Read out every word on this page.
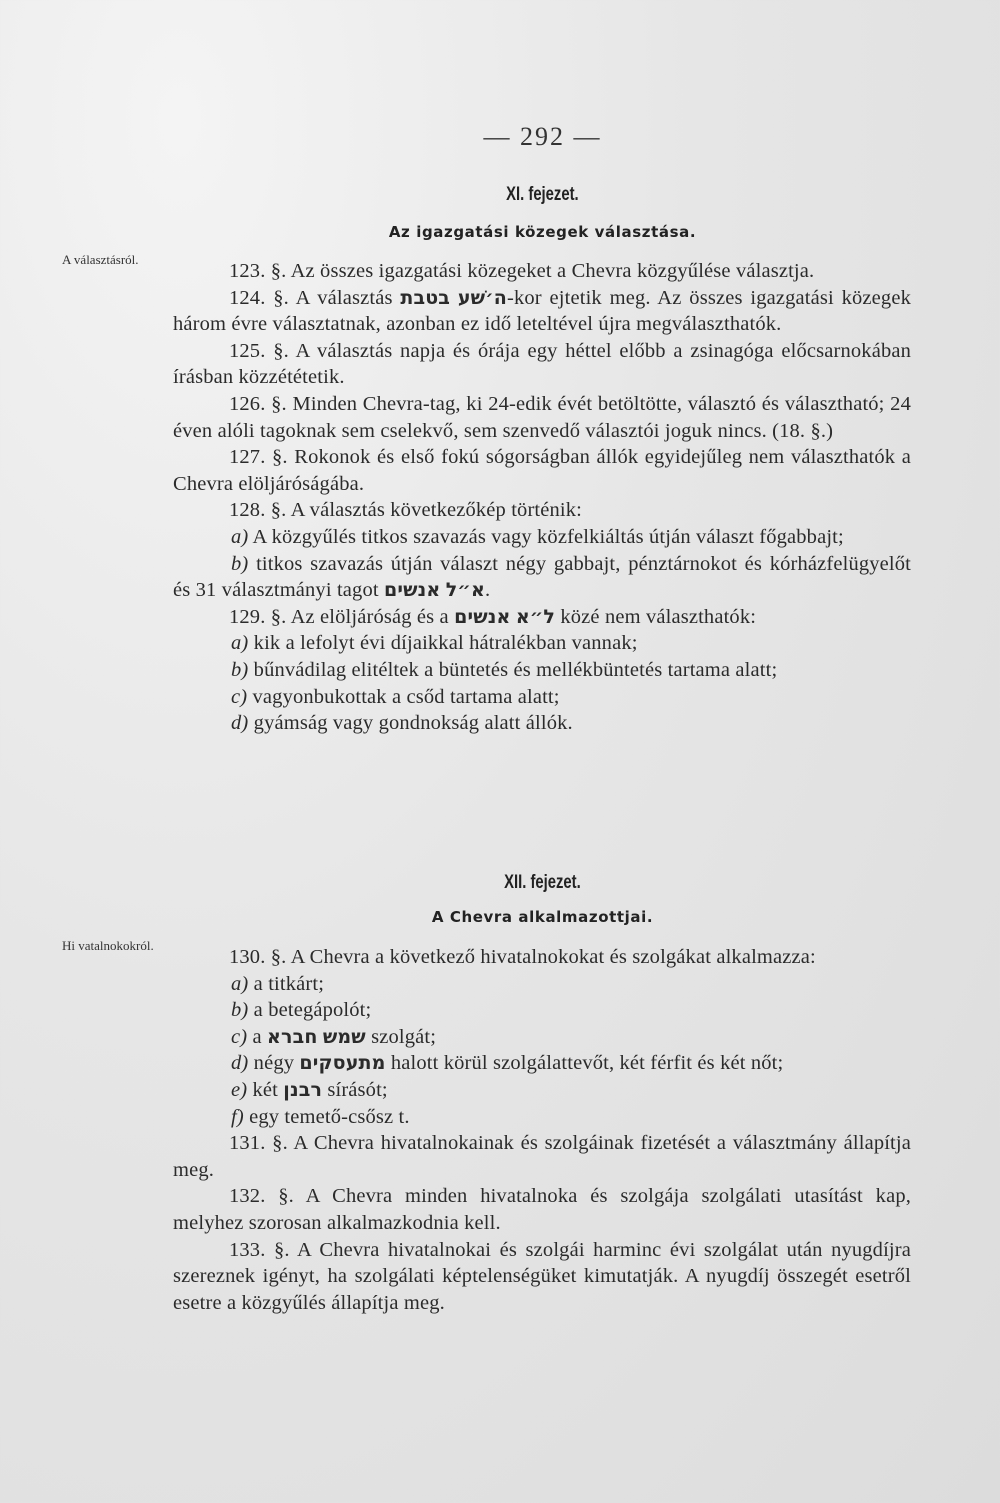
— 292 —
XI. fejezet.
Az igazgatási közegek választása.
A választásról.

123. §. Az összes igazgatási közegeket a Chevra közgyűlése választja.

124. §. A választás בטבת ה׳שׁע-kor ejtetik meg. Az összes igazgatási közegek három évre választatnak, azonban ez idő leteltével újra megválaszthatók.

125. §. A választás napja és órája egy héttel előbb a zsinagóga előcsarnokában írásban közzététetik.

126. §. Minden Chevra-tag, ki 24-edik évét betöltötte, választó és választható; 24 éven alóli tagoknak sem cselekvő, sem szenvedő választói joguk nincs. (18. §.)

127. §. Rokonok és első fokú sógorságban állók egyidejűleg nem választhatók a Chevra elöljáróságába.

128. §. A választás következőkép történik:

a) A közgyűlés titkos szavazás vagy közfelkiáltás útján választ főgabbajt;

b) titkos szavazás útján választ négy gabbajt, pénztárnokot és kórházfelügyelőt és 31 választmányi tagot אנשים א״ל.

129. §. Az elöljáróság és a אנשים ל״א közé nem választhatók:

a) kik a lefolyt évi díjaikkal hátralékban vannak;

b) bűnvádilag elitéltek a büntetés és mellékbüntetés tartama alatt;

c) vagyonbukottak a csőd tartama alatt;

d) gyámság vagy gondnokság alatt állók.

XII. fejezet.
A Chevra alkalmazottjai.
Hi vatalnokokról.

130. §. A Chevra a következő hivatalnokokat és szolgákat alkalmazza:

a) a titkárt;

b) a betegápolót;

c) a חברא שמש szolgát;

d) négy מתעסקים halott körül szolgálattevőt, két férfit és két nőt;

e) két רבנן sírásót;

f) egy temető-csősz t.

131. §. A Chevra hivatalnokainak és szolgáinak fizetését a választmány állapítja meg.

132. §. A Chevra minden hivatalnoka és szolgája szolgálati utasítást kap, melyhez szorosan alkalmazkodnia kell.

133. §. A Chevra hivatalnokai és szolgái harminc évi szolgálat után nyugdíjra szereznek igényt, ha szolgálati képtelenségüket kimutatják. A nyugdíj összegét esetről esetre a közgyűlés állapítja meg.
